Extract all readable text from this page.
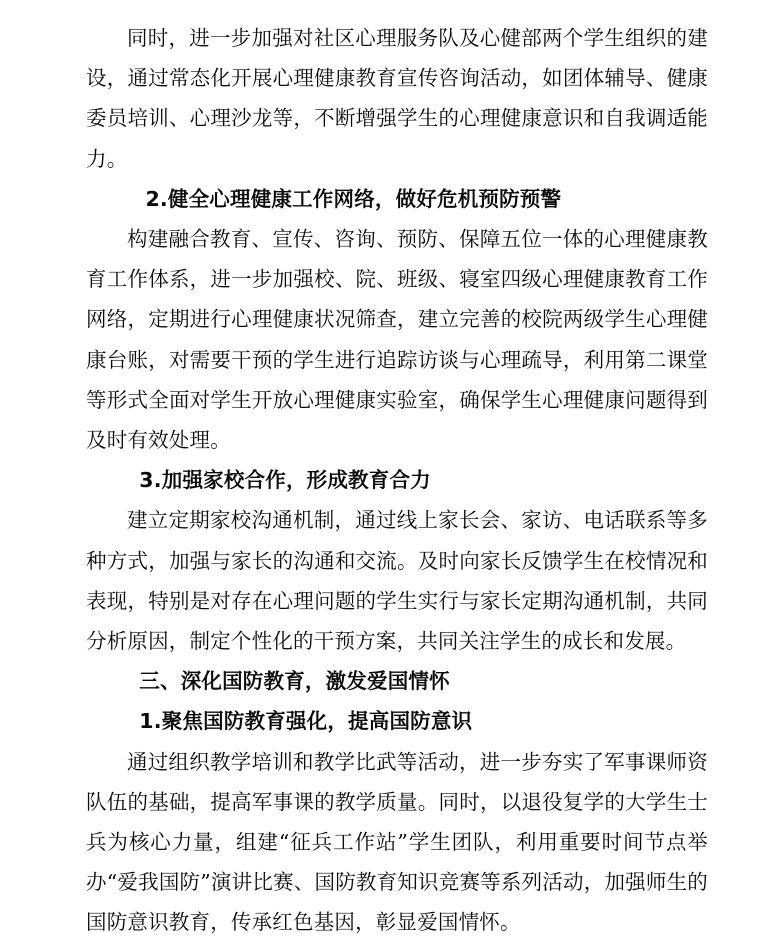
同时，进一步加强对社区心理服务队及心健部两个学生组织的建设，通过常态化开展心理健康教育宣传咨询活动，如团体辅导、健康委员培训、心理沙龙等，不断增强学生的心理健康意识和自我调适能力。

2.健全心理健康工作网络，做好危机预防预警

构建融合教育、宣传、咨询、预防、保障五位一体的心理健康教育工作体系，进一步加强校、院、班级、寝室四级心理健康教育工作网络，定期进行心理健康状况筛查，建立完善的校院两级学生心理健康台账，对需要干预的学生进行追踪访谈与心理疏导，利用第二课堂等形式全面对学生开放心理健康实验室，确保学生心理健康问题得到及时有效处理。

3.加强家校合作，形成教育合力

建立定期家校沟通机制，通过线上家长会、家访、电话联系等多种方式，加强与家长的沟通和交流。及时向家长反馈学生在校情况和表现，特别是对存在心理问题的学生实行与家长定期沟通机制，共同分析原因，制定个性化的干预方案，共同关注学生的成长和发展。

三、深化国防教育，激发爱国情怀

1.聚焦国防教育强化，提高国防意识

通过组织教学培训和教学比武等活动，进一步夯实了军事课师资队伍的基础，提高军事课的教学质量。同时，以退役复学的大学生士兵为核心力量，组建“征兵工作站”学生团队，利用重要时间节点举办“爱我国防”演讲比赛、国防教育知识竞赛等系列活动，加强师生的国防意识教育，传承红色基因，彰显爱国情怀。
